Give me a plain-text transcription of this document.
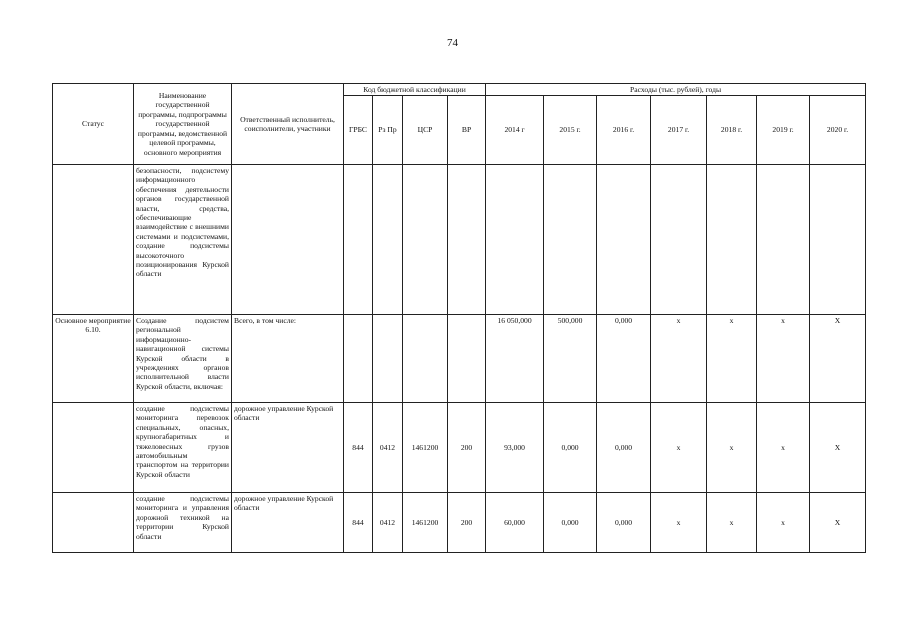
74
Статус	Наименование государственной программы, подпрограммы государственной программы, ведомственной целевой программы, основного мероприятия	Ответственный исполнитель, соисполнители, участники	Код бюджетной классификации				Расходы (тыс. рублей), годы						
			ГРБС	Рз Пр	ЦСР	ВР	2014 г	2015 г.	2016 г.	2017 г.	2018 г.	2019 г.	2020 г.
	безопасности, подсистему информационного обеспечения деятельности органов государственной власти, средства, обеспечивающие взаимодействие с внешними системами и подсистемами, создание подсистемы высокоточного позиционирования Курской области												
Основное мероприятие 6.10.	Создание подсистем региональной информационно-навигационной системы Курской области в учреждениях органов исполнительной власти Курской области, включая:	Всего, в том числе:					16 050,000	500,000	0,000	х	х	х	X
	создание подсистемы мониторинга перевозок специальных, опасных, крупногабаритных и тяжеловесных грузов автомобильным транспортом на территории Курской области	дорожное управление Курской области	844	0412	1461200	200	93,000	0,000	0,000	х	х	х	X
	создание подсистемы мониторинга и управления дорожной техникой на территории Курской области	дорожное управление Курской области	844	0412	1461200	200	60,000	0,000	0,000	х	х	х	X
